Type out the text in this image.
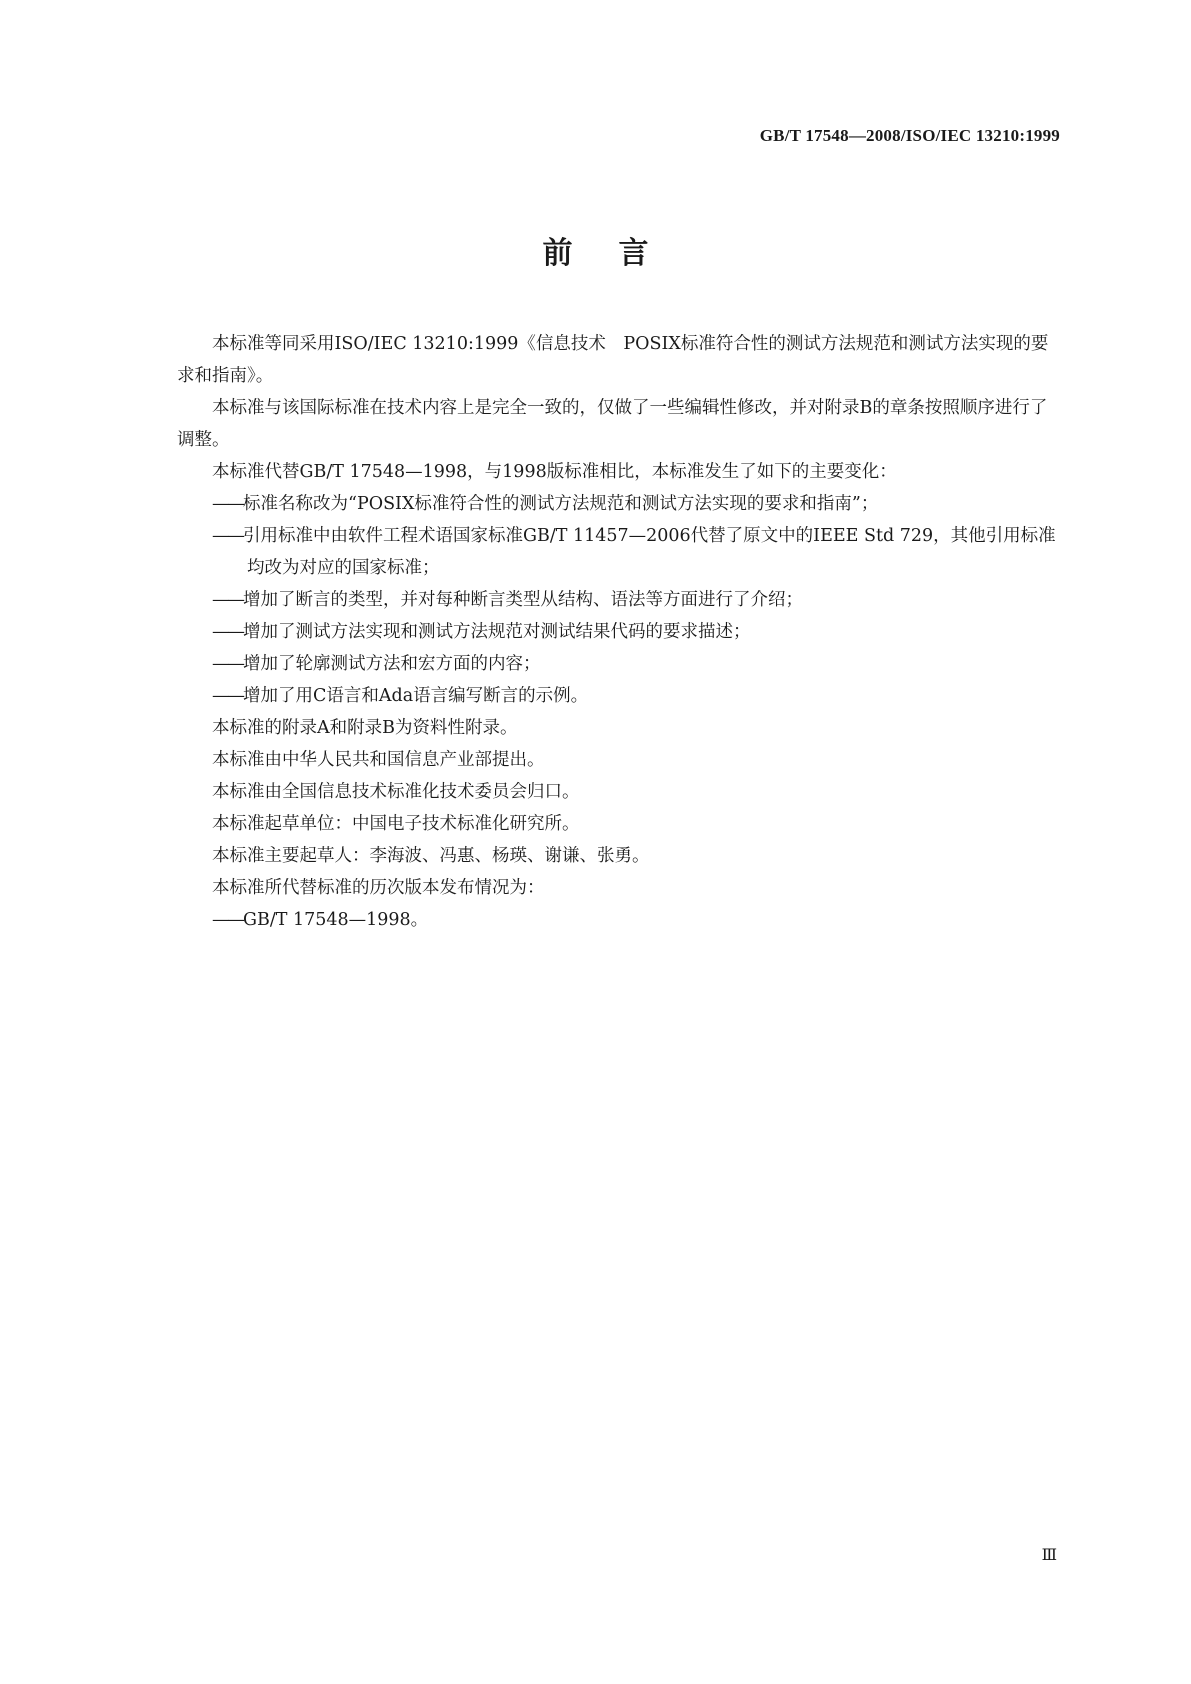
GB/T 17548—2008/ISO/IEC 13210:1999
前言

本标准等同采用ISO/IEC 13210:1999《信息技术　POSIX标准符合性的测试方法规范和测试方法实现的要求和指南》。

本标准与该国际标准在技术内容上是完全一致的，仅做了一些编辑性修改，并对附录B的章条按照顺序进行了调整。

本标准代替GB/T 17548—1998，与1998版标准相比，本标准发生了如下的主要变化：

——标准名称改为“POSIX标准符合性的测试方法规范和测试方法实现的要求和指南”；

——引用标准中由软件工程术语国家标准GB/T 11457—2006代替了原文中的IEEE Std 729，其他引用标准均改为对应的国家标准；

——增加了断言的类型，并对每种断言类型从结构、语法等方面进行了介绍；

——增加了测试方法实现和测试方法规范对测试结果代码的要求描述；

——增加了轮廓测试方法和宏方面的内容；

——增加了用C语言和Ada语言编写断言的示例。

本标准的附录A和附录B为资料性附录。

本标准由中华人民共和国信息产业部提出。

本标准由全国信息技术标准化技术委员会归口。

本标准起草单位：中国电子技术标准化研究所。

本标准主要起草人：李海波、冯惠、杨瑛、谢谦、张勇。

本标准所代替标准的历次版本发布情况为：

——GB/T 17548—1998。

Ⅲ
